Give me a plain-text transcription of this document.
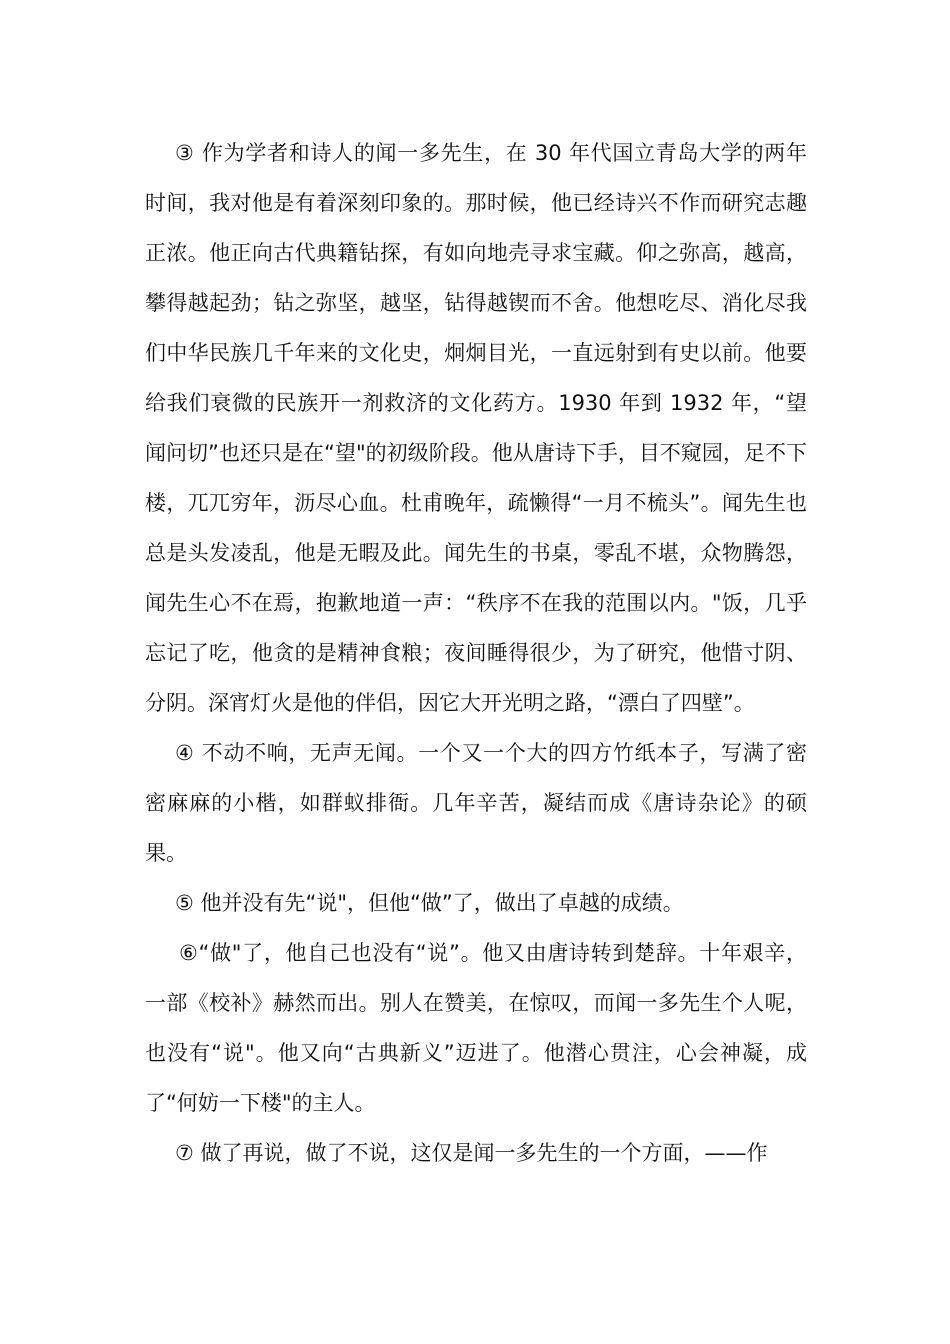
③ 作为学者和诗人的闻一多先生，在 30 年代国立青岛大学的两年时间，我对他是有着深刻印象的。那时候，他已经诗兴不作而研究志趣正浓。他正向古代典籍钻探，有如向地壳寻求宝藏。仰之弥高，越高，攀得越起劲；钻之弥坚，越坚，钻得越锲而不舍。他想吃尽、消化尽我们中华民族几千年来的文化史，炯炯目光，一直远射到有史以前。他要给我们衰微的民族开一剂救济的文化药方。1930 年到 1932 年，“望闻问切”也还只是在“望"的初级阶段。他从唐诗下手，目不窥园，足不下楼，兀兀穷年，沥尽心血。杜甫晚年，疏懒得“一月不梳头”。闻先生也总是头发凌乱，他是无暇及此。闻先生的书桌，零乱不堪，众物腾怨，闻先生心不在焉，抱歉地道一声：“秩序不在我的范围以内。"饭，几乎忘记了吃，他贪的是精神食粮；夜间睡得很少，为了研究，他惜寸阴、分阴。深宵灯火是他的伴侣，因它大开光明之路，“漂白了四壁”。

④ 不动不响，无声无闻。一个又一个大的四方竹纸本子，写满了密密麻麻的小楷，如群蚁排衙。几年辛苦，凝结而成《唐诗杂论》的硕果。

⑤ 他并没有先“说"，但他“做”了，做出了卓越的成绩。

⑥“做"了，他自己也没有“说”。他又由唐诗转到楚辞。十年艰辛，一部《校补》赫然而出。别人在赞美，在惊叹，而闻一多先生个人呢，也没有“说"。他又向“古典新义”迈进了。他潜心贯注，心会神凝，成了“何妨一下楼"的主人。

⑦ 做了再说，做了不说，这仅是闻一多先生的一个方面，——作
